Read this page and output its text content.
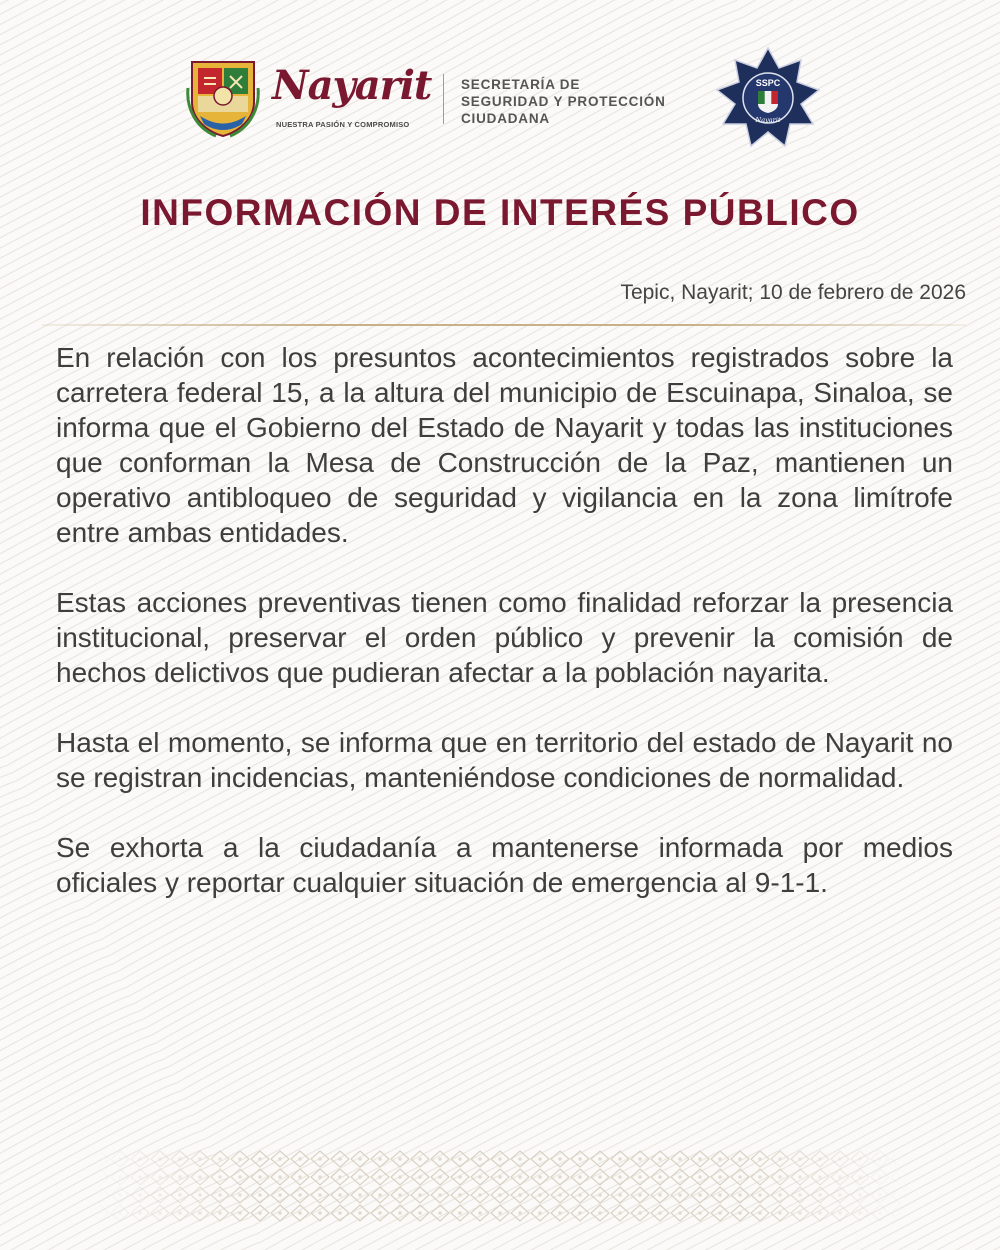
Nayarit
NUESTRA PASIÓN Y COMPROMISO
SECRETARÍA DE
SEGURIDAD Y PROTECCIÓN
CIUDADANA
SSPC
Nayarit
INFORMACIÓN DE INTERÉS PÚBLICO
Tepic, Nayarit; 10 de febrero de 2026

En relación con los presuntos acontecimientos registrados sobre la carretera federal 15, a la altura del municipio de Escuinapa, Sinaloa, se informa que el Gobierno del Estado de Nayarit y todas las instituciones que conforman la Mesa de Construcción de la Paz, mantienen un operativo antibloqueo de seguridad y vigilancia en la zona limítrofe entre ambas entidades.

Estas acciones preventivas tienen como finalidad reforzar la presencia institucional, preservar el orden público y prevenir la comisión de hechos delictivos que pudieran afectar a la población nayarita.

Hasta el momento, se informa que en territorio del estado de Nayarit no se registran incidencias, manteniéndose condiciones de normalidad.

Se exhorta a la ciudadanía a mantenerse informada por medios oficiales y reportar cualquier situación de emergencia al 9-1-1.
